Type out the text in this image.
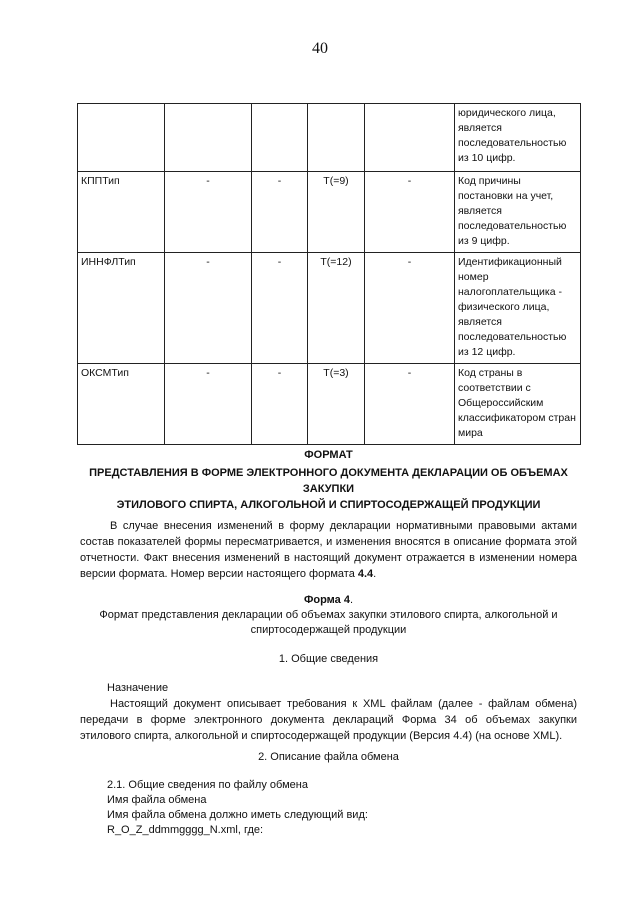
40
					юридического лица, является последовательностью из 10 цифр.
КППТип	-	-	T(=9)	-	Код причины постановки на учет, является последовательностью из 9 цифр.
ИННФЛТип	-	-	T(=12)	-	Идентификационный номер налогоплательщика - физического лица, является последовательностью из 12 цифр.
ОКСМТип	-	-	T(=3)	-	Код страны в соответствии с Общероссийским классификатором стран мира
ФОРМАТ
ПРЕДСТАВЛЕНИЯ В ФОРМЕ ЭЛЕКТРОННОГО ДОКУМЕНТА ДЕКЛАРАЦИИ ОБ ОБЪЕМАХ ЗАКУПКИ
ЭТИЛОВОГО СПИРТА, АЛКОГОЛЬНОЙ И СПИРТОСОДЕРЖАЩЕЙ ПРОДУКЦИИ
В случае внесения изменений в форму декларации нормативными правовыми актами состав показателей формы пересматривается, и изменения вносятся в описание формата этой отчетности. Факт внесения изменений в настоящий документ отражается в изменении номера версии формата. Номер версии настоящего формата 4.4.
Форма 4.
Формат представления декларации об объемах закупки этилового спирта, алкогольной и
спиртосодержащей продукции
1. Общие сведения
Назначение
Настоящий документ описывает требования к XML файлам (далее - файлам обмена) передачи в форме электронного документа деклараций Форма 34 об объемах закупки этилового спирта, алкогольной и спиртосодержащей продукции (Версия 4.4) (на основе XML).
2. Описание файла обмена
2.1. Общие сведения по файлу обмена
Имя файла обмена
Имя файла обмена должно иметь следующий вид:
R_O_Z_ddmmgggg_N.xml, где:
